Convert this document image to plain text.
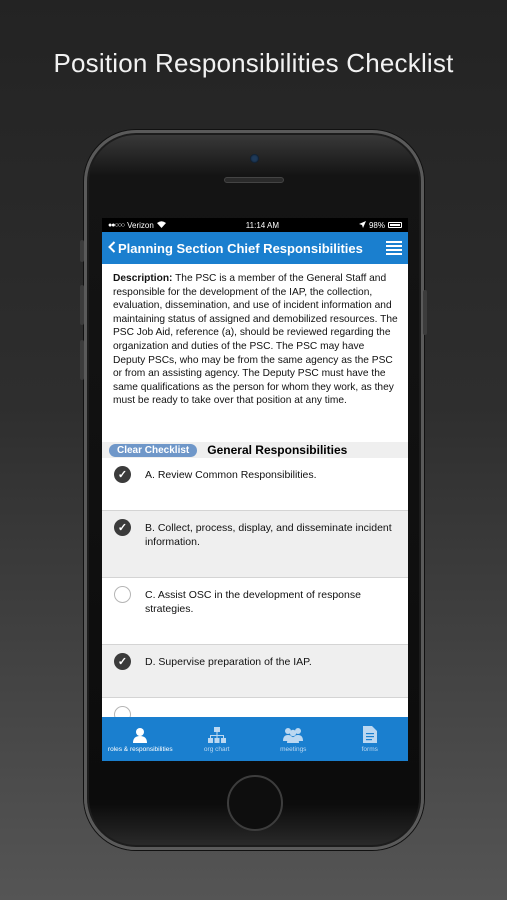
Position Responsibilities Checklist
●●○○○ Verizon	11:14 AM	98%
Planning Section Chief Responsibilities
Description: The PSC is a member of the General Staff and responsible for the development of the IAP, the collection, evaluation, dissemination, and use of incident information and maintaining status of assigned and demobilized resources. The PSC Job Aid, reference (a), should be reviewed regarding the organization and duties of the PSC. The PSC may have Deputy PSCs, who may be from the same agency as the PSC or from an assisting agency. The Deputy PSC must have the same qualifications as the person for whom they work, as they must be ready to take over that position at any time.
Clear Checklist	General Responsibilities
✓	A. Review Common Responsibilities.
✓	B. Collect, process, display, and disseminate incident information.
C. Assist OSC in the development of response strategies.
✓	D. Supervise preparation of the IAP.
roles & responsibilities	org chart	meetings	forms
